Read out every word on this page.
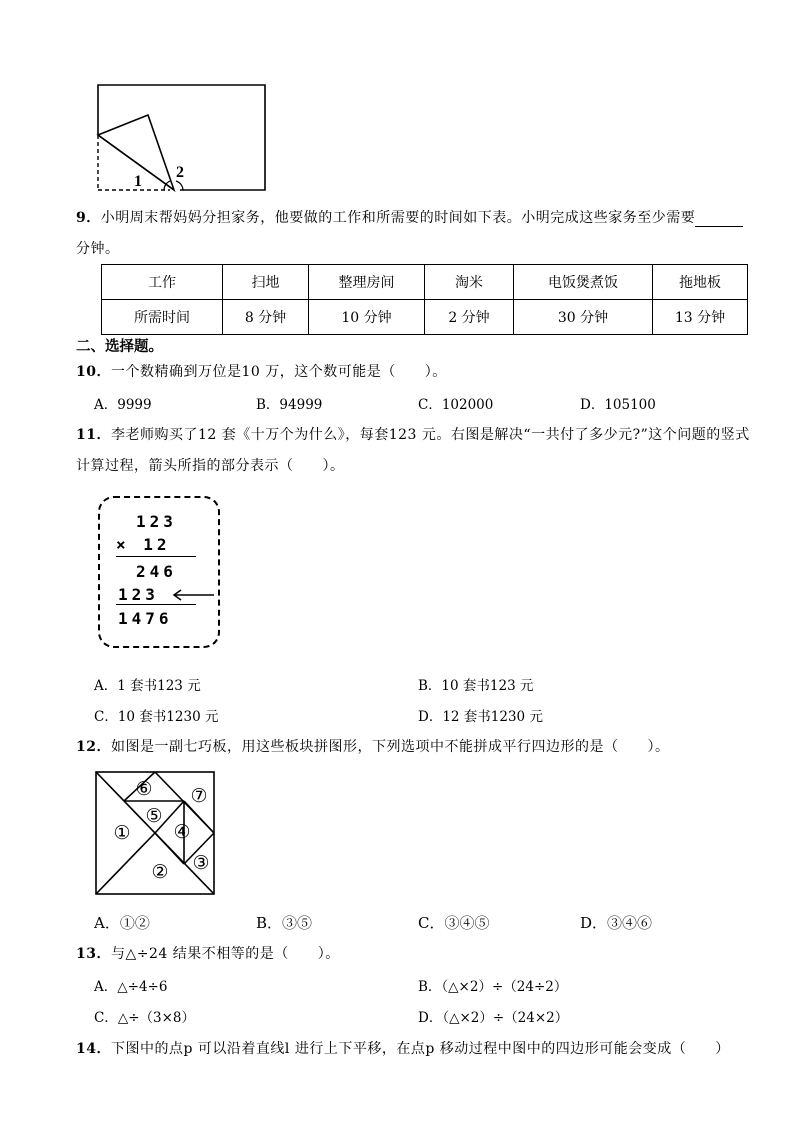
1
2
9．小明周末帮妈妈分担家务，他要做的工作和所需要的时间如下表。小明完成这些家务至少需要
分钟。
工作	扫地	整理房间	淘米	电饭煲煮饭	拖地板
所需时间	8 分钟	10 分钟	2 分钟	30 分钟	13 分钟
二、选择题。
10．一个数精确到万位是10 万，这个数可能是（　　）。
A．9999	B．94999	C．102000	D．105100
11．李老师购买了12 套《十万个为什么》，每套123 元。右图是解决“一共付了多少元?”这个问题的竖式
计算过程，箭头所指的部分表示（　　）。
123
× 12
246
123
1476
A．1 套书123 元	B．10 套书123 元
C．10 套书1230 元	D．12 套书1230 元
12．如图是一副七巧板，用这些板块拼图形，下列选项中不能拼成平行四边形的是（　　）。
①
② ③
④
⑤
⑥ ⑦
A．①②	B．③⑤	C．③④⑤	D．③④⑥
13．与△÷24 结果不相等的是（　　）。
A．△÷4÷6	B．（△×2）÷（24÷2）
C．△÷（3×8）	D．（△×2）÷（24×2）
14．下图中的点p 可以沿着直线l 进行上下平移，在点p 移动过程中图中的四边形可能会变成（　　）
